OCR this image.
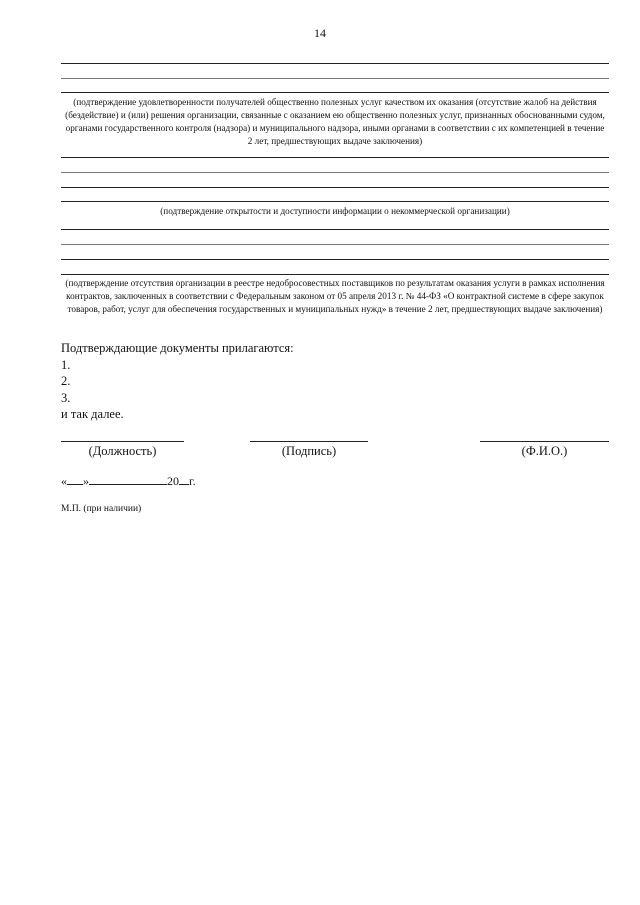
14
(подтверждение удовлетворенности получателей общественно полезных услуг качеством их оказания (отсутствие жалоб на действия (бездействие) и (или) решения организации, связанные с оказанием ею общественно полезных услуг, признанных обоснованными судом, органами государственного контроля (надзора) и муниципального надзора, иными органами в соответствии с их компетенцией в течение 2 лет, предшествующих выдаче заключения)
(подтверждение открытости и доступности информации о некоммерческой организации)
(подтверждение отсутствия организации в реестре недобросовестных поставщиков по результатам оказания услуги в рамках исполнения контрактов, заключенных в соответствии с Федеральным законом от 05 апреля 2013 г. № 44-ФЗ «О контрактной системе в сфере закупок товаров, работ, услуг для обеспечения государственных и муниципальных нужд» в течение 2 лет, предшествующих выдаче заключения)
Подтверждающие документы прилагаются:
1.
2.
3.
и так далее.
(Должность)	(Подпись)	(Ф.И.О.)
« »	20 г.
М.П. (при наличии)
